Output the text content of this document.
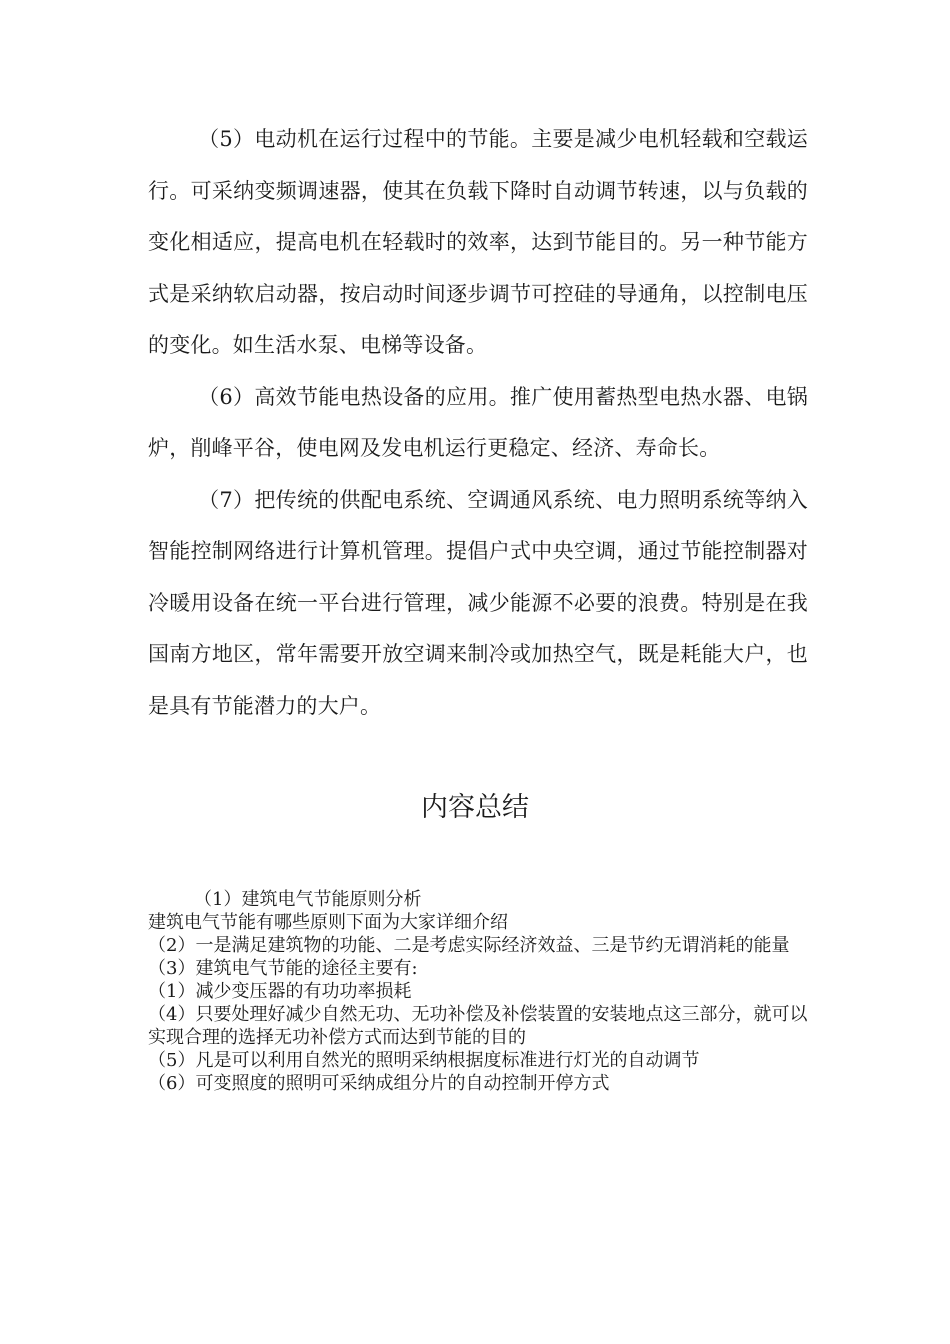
（5）电动机在运行过程中的节能。主要是减少电机轻载和空载运行。可采纳变频调速器，使其在负载下降时自动调节转速，以与负载的变化相适应，提高电机在轻载时的效率，达到节能目的。另一种节能方式是采纳软启动器，按启动时间逐步调节可控硅的导通角，以控制电压的变化。如生活水泵、电梯等设备。

（6）高效节能电热设备的应用。推广使用蓄热型电热水器、电锅炉，削峰平谷，使电网及发电机运行更稳定、经济、寿命长。

（7）把传统的供配电系统、空调通风系统、电力照明系统等纳入智能控制网络进行计算机管理。提倡户式中央空调，通过节能控制器对冷暖用设备在统一平台进行管理，减少能源不必要的浪费。特别是在我国南方地区，常年需要开放空调来制冷或加热空气，既是耗能大户，也是具有节能潜力的大户。

内容总结

（1）建筑电气节能原则分析

建筑电气节能有哪些原则下面为大家详细介绍

（2）一是满足建筑物的功能、二是考虑实际经济效益、三是节约无谓消耗的能量

（3）建筑电气节能的途径主要有:

（1）减少变压器的有功功率损耗

（4）只要处理好减少自然无功、无功补偿及补偿装置的安装地点这三部分，就可以实现合理的选择无功补偿方式而达到节能的目的

（5）凡是可以利用自然光的照明采纳根据度标准进行灯光的自动调节

（6）可变照度的照明可采纳成组分片的自动控制开停方式
